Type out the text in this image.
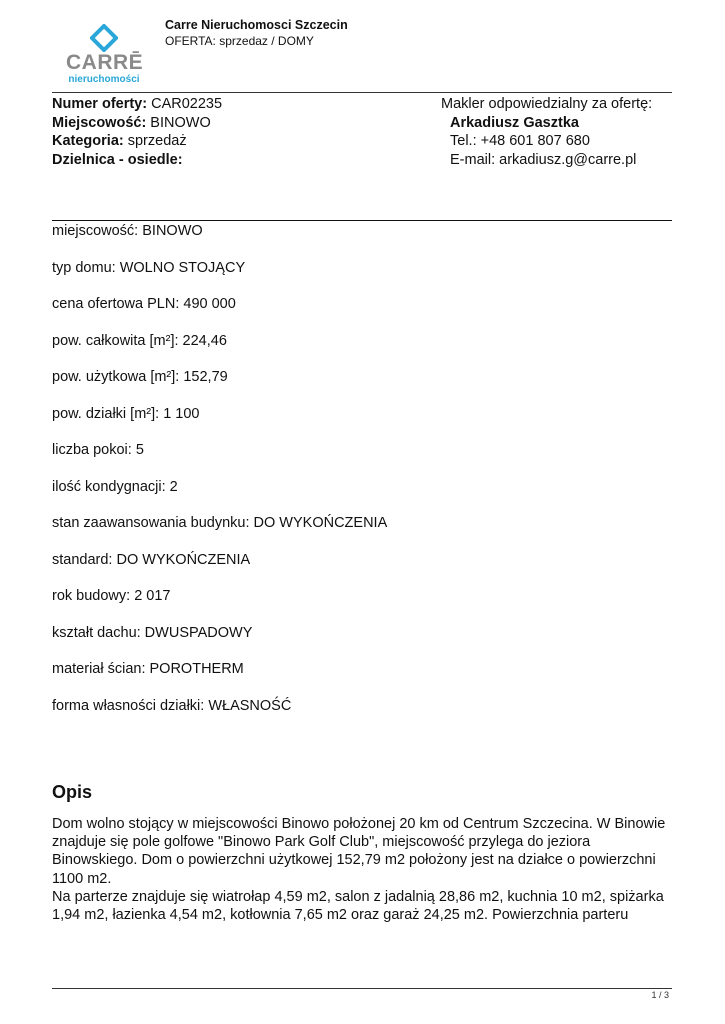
CARRĒ
nieruchomości
Carre Nieruchomosci Szczecin
OFERTA: sprzedaz / DOMY
Numer oferty: CAR02235
Miejscowość: BINOWO
Kategoria: sprzedaż
Dzielnica - osiedle:
Makler odpowiedzialny za ofertę:
Arkadiusz Gasztka
Tel.: +48 601 807 680
E-mail: arkadiusz.g@carre.pl
miejscowość: BINOWO
typ domu: WOLNO STOJĄCY
cena ofertowa PLN: 490 000
pow. całkowita [m²]: 224,46
pow. użytkowa [m²]: 152,79
pow. działki [m²]: 1 100
liczba pokoi: 5
ilość kondygnacji: 2
stan zaawansowania budynku: DO WYKOŃCZENIA
standard: DO WYKOŃCZENIA
rok budowy: 2 017
kształt dachu: DWUSPADOWY
materiał ścian: POROTHERM
forma własności działki: WŁASNOŚĆ
Opis

Dom wolno stojący w miejscowości Binowo położonej 20 km od Centrum Szczecina. W Binowie znajduje się pole golfowe "Binowo Park Golf Club", miejscowość przylega do jeziora Binowskiego. Dom o powierzchni użytkowej 152,79 m2 położony jest na działce o powierzchni 1100 m2.

Na parterze znajduje się wiatrołap 4,59 m2, salon z jadalnią 28,86 m2, kuchnia 10 m2, spiżarka 1,94 m2, łazienka 4,54 m2, kotłownia 7,65 m2 oraz garaż 24,25 m2. Powierzchnia parteru

1 / 3
